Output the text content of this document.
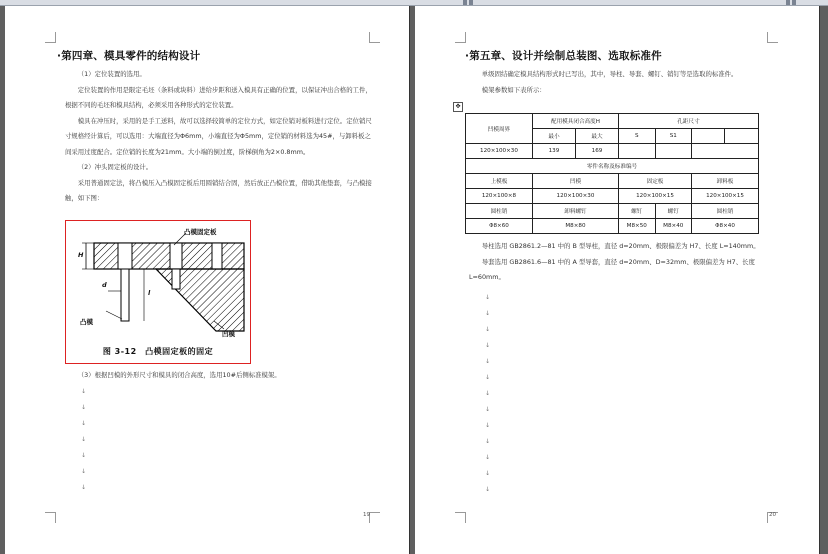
·第四章、模具零件的结构设计

（1）定位装置的选用。

定位装置的作用是限定毛坯（条料或块料）进给步距和送入模具有正确的位置，以保证冲出合格的工件，根据不同的毛坯和模具结构，必须采用各种形式的定位装置。

模具在冲压时，采用的是手工送料，故可以选择较简单的定位方式，如定位销对板料进行定位。定位销尺寸规格经计算后，可以选用：大端直径为Φ6mm，小端直径为Φ5mm，定位销的材料选为45#，与卸料板之间采用过度配合。定位销的长度为21mm。大小端的倒过度，阶梯倒角为2×0.8mm。

（2）冲头固定板的设计。

采用普通固定法，将凸模压入凸模固定板后用圆销结合固，然后放正凸模位置，借助其他垫套，与凸模接触，如下图：

凸模固定板
H
d
l
凸模
凹模
图 3-12　凸模固定板的固定

（3）根据凹模的外形尺寸和模具的闭合高度，选用10#后侧标准模架。

↓
↓
↓
↓
↓
↓
↓
19
·第五章、设计并绘制总装图、选取标准件

单级固结确定模具结构形式时已写出，其中，导柱、导套、螺钉、销钉等是选取的标准件。

模架参数如下表所示：

✥
凹模周界	配用模具闭合高度H		孔距尺寸			
	最小	最大	S	S1		
120×100×30	139	169				
零件名称及标准编号						
上模板	凹模		固定板		卸料板	
120×100×8	120×100×30		120×100×15		120×100×15	
圆柱销	卸料螺钉		螺钉	螺钉	圆柱销	
Φ8×60	M8×80		M8×50	M8×40	Φ8×40	

导柱选用 GB2861.2—81 中的 B 型导柱，直径 d=20mm、极限偏差为 H7、长度 L=140mm。

导套选用 GB2861.6—81 中的 A 型导套，直径 d=20mm、D=32mm、极限偏差为 H7、长度 L=60mm。

↓
↓
↓
↓
↓
↓
↓
↓
↓
↓
↓
↓
↓
20
